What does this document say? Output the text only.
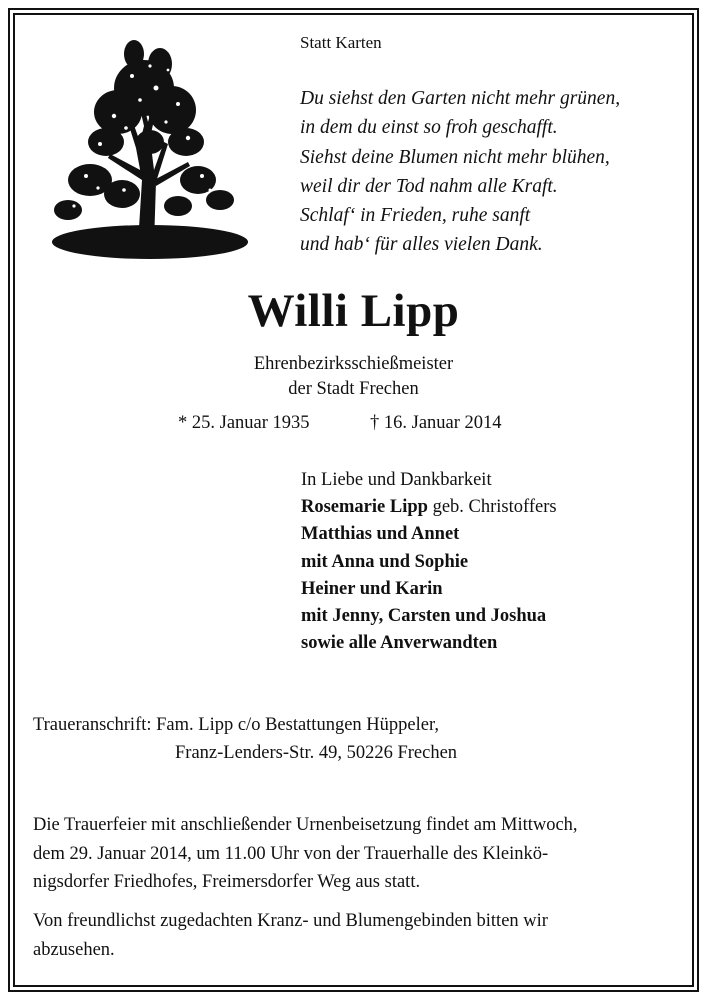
Statt Karten
Du siehst den Garten nicht mehr grünen,
in dem du einst so froh geschafft.
Siehst deine Blumen nicht mehr blühen,
weil dir der Tod nahm alle Kraft.
Schlaf‘ in Frieden, ruhe sanft
und hab‘ für alles vielen Dank.
Willi Lipp
Ehrenbezirksschießmeister
der Stadt Frechen
* 25. Januar 1935	† 16. Januar 2014
In Liebe und Dankbarkeit
Rosemarie Lipp geb. Christoffers
Matthias und Annet
mit Anna und Sophie
Heiner und Karin
mit Jenny, Carsten und Joshua
sowie alle Anverwandten
Traueranschrift: Fam. Lipp c/o Bestattungen Hüppeler,
Franz-Lenders-Str. 49, 50226 Frechen
Die Trauerfeier mit anschließender Urnenbeisetzung findet am Mittwoch,
dem 29. Januar 2014, um 11.00 Uhr von der Trauerhalle des Kleinkö-
nigsdorfer Friedhofes, Freimersdorfer Weg aus statt.
Von freundlichst zugedachten Kranz- und Blumengebinden bitten wir
abzusehen.
